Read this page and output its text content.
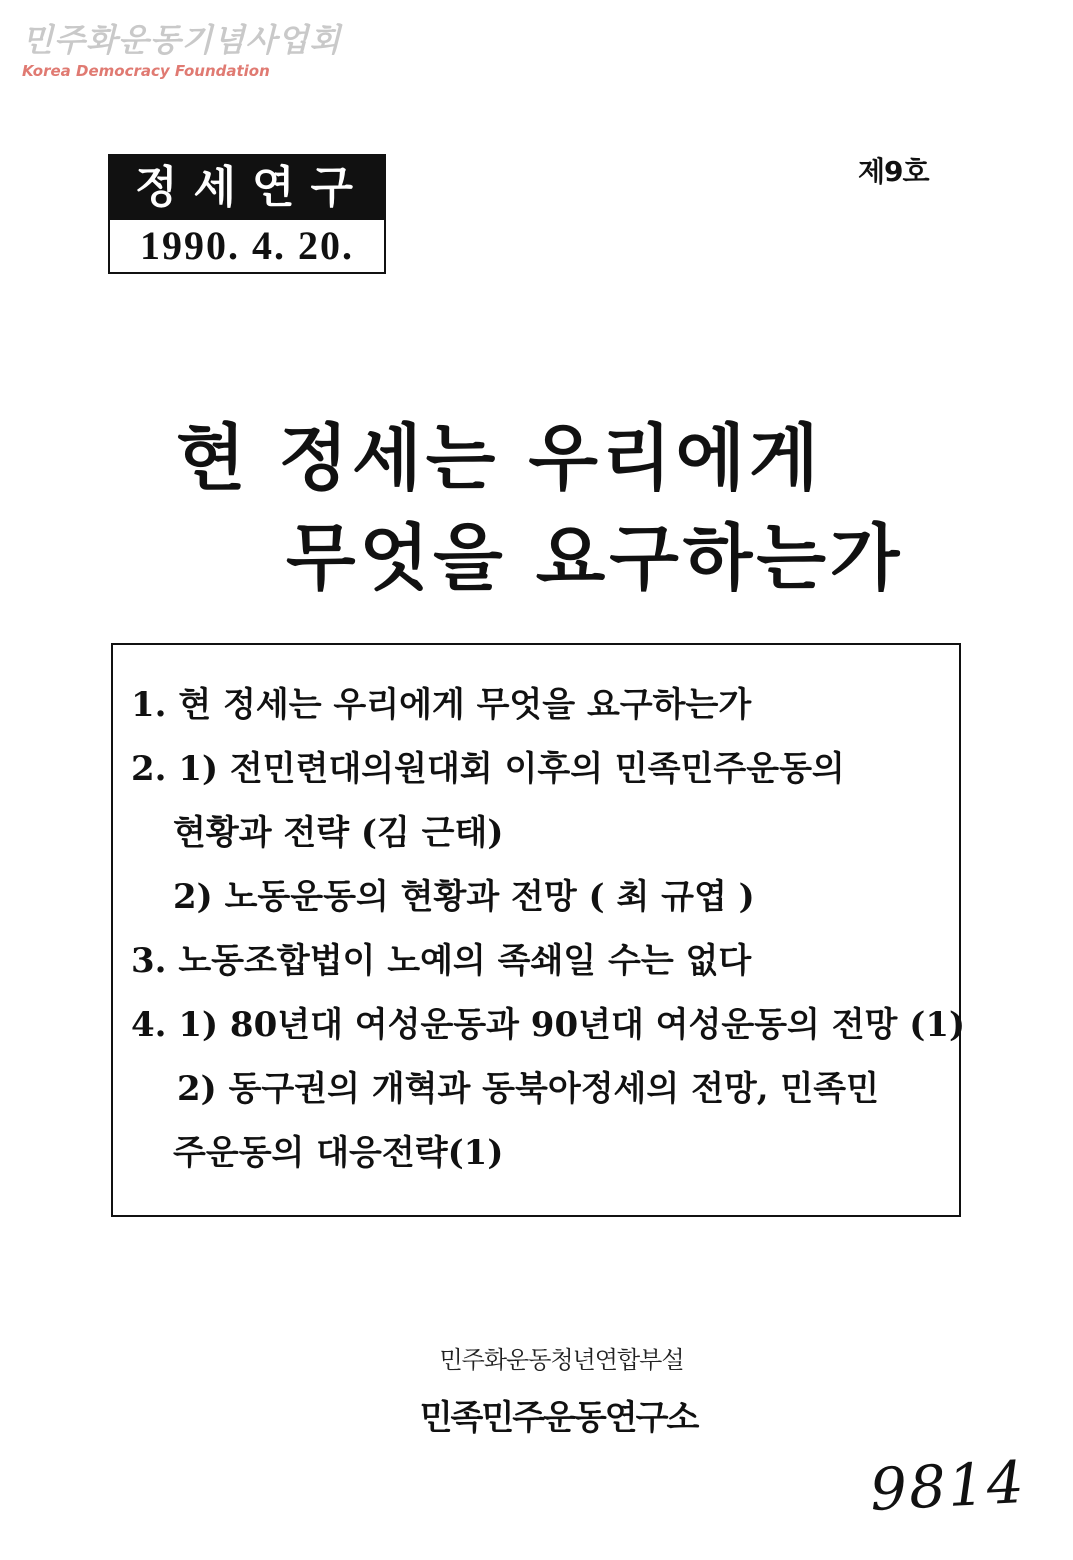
민주화운동기념사업회
Korea Democracy Foundation
정세연구
1990. 4. 20.
제9호
현 정세는 우리에게
무엇을 요구하는가
1. 현 정세는 우리에게 무엇을 요구하는가
2. 1) 전민련대의원대회 이후의 민족민주운동의
현황과 전략 (김 근태)
2) 노동운동의 현황과 전망 ( 최 규엽 )
3. 노동조합법이 노예의 족쇄일 수는 없다
4. 1) 80년대 여성운동과 90년대 여성운동의 전망 (1)
2) 동구권의 개혁과 동북아정세의 전망, 민족민
주운동의 대응전략(1)
민주화운동청년연합부설
민족민주운동연구소
9814
